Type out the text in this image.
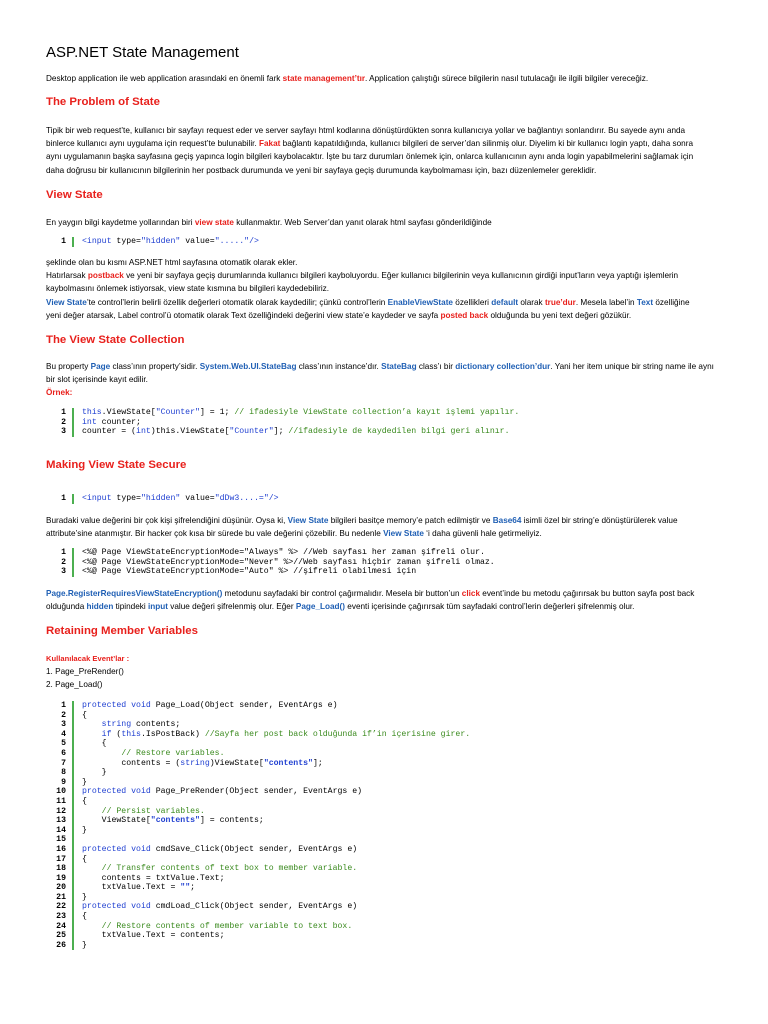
ASP.NET State Management

Desktop application ile web application arasındaki en önemli fark state management’tır. Application çalıştığı sürece bilgilerin nasıl tutulacağı ile ilgili bilgiler vereceğiz.

The Problem of State
Tipik bir web request’te, kullanıcı bir sayfayı request eder ve server sayfayı html kodlarına dönüştürdükten sonra kullanıcıya yollar ve bağlantıyı sonlandırır. Bu sayede aynı anda
binlerce kullanıcı aynı uygulama için request’te bulunabilir. Fakat bağlantı kapatıldığında, kullanıcı bilgileri de server’dan silinmiş olur. Diyelim ki bir kullanıcı login yaptı, daha sonra
aynı uygulamanın başka sayfasına geçiş yapınca login bilgileri kaybolacaktır. İşte bu tarz durumları önlemek için, onlarca kullanıcının aynı anda login yapabilmelerini sağlamak için
daha doğrusu bir kullanıcının bilgilerinin her postback durumunda ve yeni bir sayfaya geçiş durumunda kaybolmaması için, bazı düzenlemeler gereklidir.
View State

En yaygın bilgi kaydetme yollarından biri view state kullanmaktır. Web Server’dan yanıt olarak html sayfası gönderildiğinde

1	<input type="hidden" value="....."/>
şeklinde olan bu kısmı ASP.NET html sayfasına otomatik olarak ekler.
Hatırlarsak postback ve yeni bir sayfaya geçiş durumlarında kullanıcı bilgileri kayboluyordu. Eğer kullanıcı bilgilerinin veya kullanıcının girdiği input’ların veya yaptığı işlemlerin
kaybolmasını önlemek istiyorsak, view state kısmına bu bilgileri kaydedebiliriz.
View State’te control’lerin belirli özellik değerleri otomatik olarak kaydedilir; çünkü control’lerin EnableViewState özellikleri default olarak true’dur. Mesela label’in Text özelliğine
yeni değer atarsak, Label control’ü otomatik olarak Text özelliğindeki değerini view state’e kaydeder ve sayfa posted back olduğunda bu yeni text değeri gözükür.
The View State Collection
Bu property Page class’ının property’sidir. System.Web.UI.StateBag class’ının instance’dır. StateBag class’ı bir dictionary collection’dur. Yani her item unique bir string name ile aynı
bir slot içerisinde kayıt edilir.
Örnek:
1	this.ViewState["Counter"] = 1; // ifadesiyle ViewState collection’a kayıt işlemi yapılır.
2	int counter;
3	counter = (int)this.ViewState["Counter"]; //ifadesiyle de kaydedilen bilgi geri alınır.
Making View State Secure
1	<input type="hidden" value="dDw3....="/>
Buradaki value değerini bir çok kişi şifrelendiğini düşünür. Oysa ki, View State bilgileri basitçe memory’e patch edilmiştir ve Base64 isimli özel bir string’e dönüştürülerek value
attribute’sine atanmıştır. Bir hacker çok kısa bir sürede bu vale değerini çözebilir. Bu nedenle View State ‘i daha güvenli hale getirmeliyiz.
1	<%@ Page ViewStateEncryptionMode="Always" %> //Web sayfası her zaman şifreli olur.
2	<%@ Page ViewStateEncryptionMode="Never" %>//Web sayfası hiçbir zaman şifreli olmaz.
3	<%@ Page ViewStateEncryptionMode="Auto" %> //şifreli olabilmesi için
Page.RegisterRequiresViewStateEncryption() metodunu sayfadaki bir control çağırmalıdır. Mesela bir button’un click event’inde bu metodu çağırırsak bu button sayfa post back
olduğunda hidden tipindeki input value değeri şifrelenmiş olur. Eğer Page_Load() eventi içerisinde çağırırsak tüm sayfadaki control’lerin değerleri şifrelenmiş olur.
Retaining Member Variables
Kullanılacak Event’lar :
1. Page_PreRender()
2. Page_Load()
1	protected void Page_Load(Object sender, EventArgs e)
2	{
3	string contents;
4	if (this.IsPostBack) //Sayfa her post back olduğunda if’in içerisine girer.
5	{
6	// Restore variables.
7	contents = (string)ViewState["contents"];
8	}
9	}
10	protected void Page_PreRender(Object sender, EventArgs e)
11	{
12	// Persist variables.
13	ViewState["contents"] = contents;
14	}
15

16	protected void cmdSave_Click(Object sender, EventArgs e)
17	{
18	// Transfer contents of text box to member variable.
19	contents = txtValue.Text;
20	txtValue.Text = "";
21	}
22	protected void cmdLoad_Click(Object sender, EventArgs e)
23	{
24	// Restore contents of member variable to text box.
25	txtValue.Text = contents;
26	}
